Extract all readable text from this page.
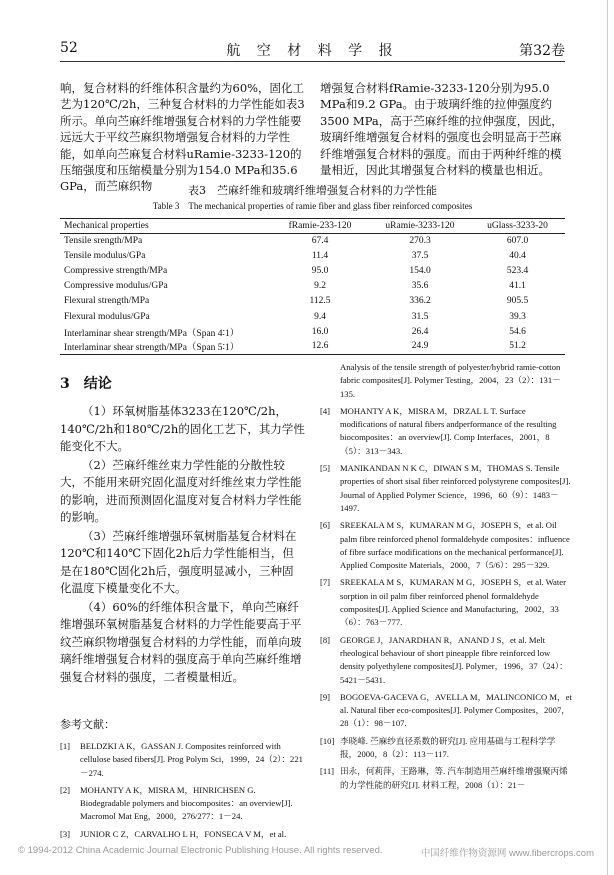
52	航 空 材 料 学 报	第32卷

响，复合材料的纤维体积含量约为60%，固化工艺为120℃/2h，三种复合材料的力学性能如表3所示。单向苎麻纤维增强复合材料的力学性能要远远大于平纹苎麻织物增强复合材料的力学性能，如单向苎麻复合材料uRamie-3233-120的压缩强度和压缩模量分别为154.0 MPa和35.6 GPa，而苎麻织物

增强复合材料fRamie-3233-120分别为95.0 MPa和9.2 GPa。由于玻璃纤维的拉伸强度约3500 MPa，高于苎麻纤维的拉伸强度，因此，玻璃纤维增强复合材料的强度也会明显高于苎麻纤维增强复合材料的强度。而由于两种纤维的模量相近，因此其增强复合材料的模量也相近。

表3　苎麻纤维和玻璃纤维增强复合材料的力学性能
Table 3　The mechanical properties of ramie fiber and glass fiber reinforced composites
Mechanical properties	fRamie-233-120	uRamie-3233-120	uGlass-3233-20
Tensile srength/MPa	67.4	270.3	607.0
Tensile modulus/GPa	11.4	37.5	40.4
Compressive strength/MPa	95.0	154.0	523.4
Compressive modulus/GPa	9.2	35.6	41.1
Flexural strength/MPa	112.5	336.2	905.5
Flexural modulus/GPa	9.4	31.5	39.3
Interlaminar shear strength/MPa（Span 4∶1）	16.0	26.4	54.6
Interlaminar shear strength/MPa（Span 5∶1）	12.6	24.9	51.2
3　结论

（1）环氧树脂基体3233在120℃/2h，140℃/2h和180℃/2h的固化工艺下，其力学性能变化不大。

（2）苎麻纤维丝束力学性能的分散性较大，不能用来研究固化温度对纤维丝束力学性能的影响，进而预测固化温度对复合材料力学性能的影响。

（3）苎麻纤维增强环氧树脂基复合材料在120℃和140℃下固化2h后力学性能相当，但是在180℃固化2h后，强度明显减小，三种固化温度下模量变化不大。

（4）60%的纤维体积含量下，单向苎麻纤维增强环氧树脂基复合材料的力学性能要高于平纹苎麻织物增强复合材料的力学性能，而单向玻璃纤维增强复合材料的强度高于单向苎麻纤维增强复合材料的强度，二者模量相近。

参考文献：
[1] BELDZKI A K，GASSAN J. Composites reinforced with cellulose based fibers[J]. Prog Polym Sci，1999，24（2）：221－274.
[2] MOHANTY A K，MISRA M，HINRICHSEN G. Biodegradable polymers and biocomposites：an overview[J]. Macromol Mat Eng，2000，276/277：1－24.
[3] JUNIOR C Z，CARVALHO L H，FONSECA V M，et al.
Analysis of the tensile strength of polyester/hybrid ramie-cotton fabric composites[J]. Polymer Testing，2004，23（2）：131－135.
[4] MOHANTY A K，MISRA M，DRZAL L T. Surface modifications of natural fibers andperformance of the resulting biocomposites：an overview[J]. Comp Interfaces，2001，8（5）：313－343.
[5] MANIKANDAN N K C，DIWAN S M，THOMAS S. Tensile properties of short sisal fiber reinforced polystyrene composites[J]. Journal of Applied Polymer Science，1996，60（9）：1483－1497.
[6] SREEKALA M S，KUMARAN M G，JOSEPH S，et al. Oil palm fibre reinforced phenol formaldehyde composites：influence of fibre surface modifications on the mechanical performance[J]. Applied Composite Materials，2000，7（5/6）：295－329.
[7] SREEKALA M S，KUMARAN M G，JOSEPH S，et al. Water sorption in oil palm fiber reinforced phenol formaldehyde composites[J]. Applied Science and Manufacturing，2002，33（6）：763－777.
[8] GEORGE J，JANARDHAN R，ANAND J S，et al. Melt rheological behaviour of short pineapple fibre reinforced low density polyethylene composites[J]. Polymer，1996，37（24）：5421－5431.
[9] BOGOEVA-GACEVA G，AVELLA M，MALINCONICO M，et al. Natural fiber eco-composites[J]. Polymer Composites，2007，28（1）：98－107.
[10] 李晓峰. 苎麻纱直径系数的研究[J]. 应用基础与工程科学学报，2000，8（2）：113－117.
[11] 田永，何莉萍，王路琳，等. 汽车制造用苎麻纤维增强聚丙烯的力学性能的研究[J]. 材料工程，2008（1）：21－
© 1994-2012 China Academic Journal Electronic Publishing House. All rights reserved.	中国纤维作物资源网 www.fibercrops.com
